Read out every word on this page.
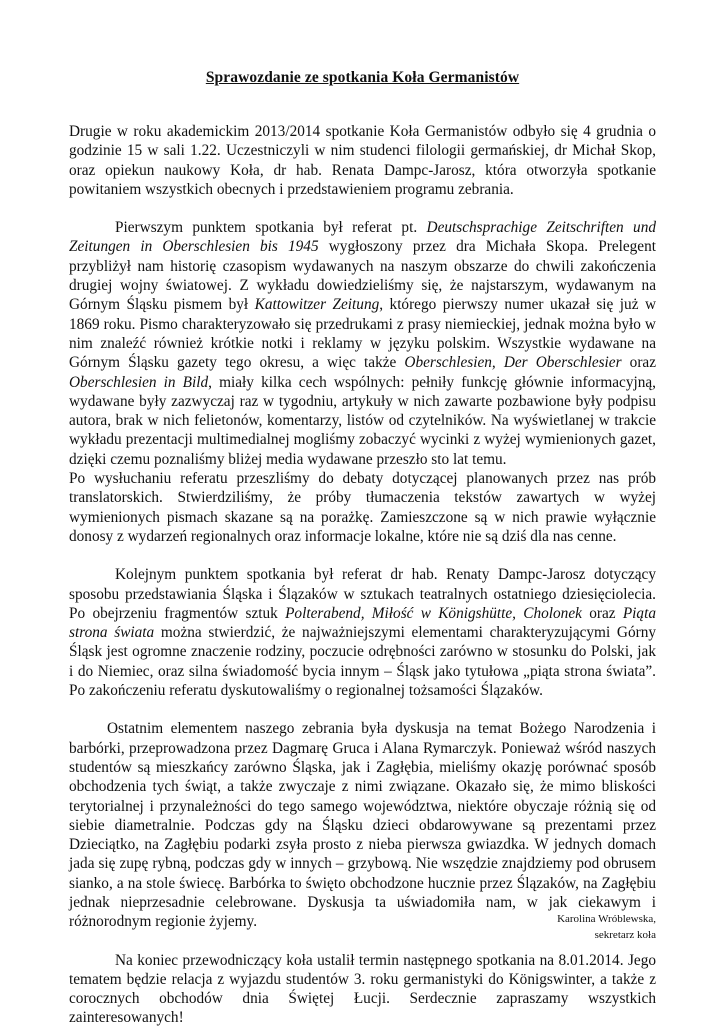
Sprawozdanie ze spotkania Koła Germanistów

Drugie w roku akademickim 2013/2014 spotkanie Koła Germanistów odbyło się 4 grudnia o godzinie 15 w sali 1.22. Uczestniczyli w nim studenci filologii germańskiej, dr Michał Skop, oraz opiekun naukowy Koła, dr hab. Renata Dampc-Jarosz, która otworzyła spotkanie powitaniem wszystkich obecnych i przedstawieniem programu zebrania.

Pierwszym punktem spotkania był referat pt. Deutschsprachige Zeitschriften und Zeitungen in Oberschlesien bis 1945 wygłoszony przez dra Michała Skopa. Prelegent przybliżył nam historię czasopism wydawanych na naszym obszarze do chwili zakończenia drugiej wojny światowej. Z wykładu dowiedzieliśmy się, że najstarszym, wydawanym na Górnym Śląsku pismem był Kattowitzer Zeitung, którego pierwszy numer ukazał się już w 1869 roku. Pismo charakteryzowało się przedrukami z prasy niemieckiej, jednak można było w nim znaleźć również krótkie notki i reklamy w języku polskim. Wszystkie wydawane na Górnym Śląsku gazety tego okresu, a więc także Oberschlesien, Der Oberschlesier oraz Oberschlesien in Bild, miały kilka cech wspólnych: pełniły funkcję głównie informacyjną, wydawane były zazwyczaj raz w tygodniu, artykuły w nich zawarte pozbawione były podpisu autora, brak w nich felietonów, komentarzy, listów od czytelników. Na wyświetlanej w trakcie wykładu prezentacji multimedialnej mogliśmy zobaczyć wycinki z wyżej wymienionych gazet, dzięki czemu poznaliśmy bliżej media wydawane przeszło sto lat temu.

Po wysłuchaniu referatu przeszliśmy do debaty dotyczącej planowanych przez nas prób translatorskich. Stwierdziliśmy, że próby tłumaczenia tekstów zawartych w wyżej wymienionych pismach skazane są na porażkę. Zamieszczone są w nich prawie wyłącznie donosy z wydarzeń regionalnych oraz informacje lokalne, które nie są dziś dla nas cenne.

Kolejnym punktem spotkania był referat dr hab. Renaty Dampc-Jarosz dotyczący sposobu przedstawiania Śląska i Ślązaków w sztukach teatralnych ostatniego dziesięciolecia. Po obejrzeniu fragmentów sztuk Polterabend, Miłość w Königshütte, Cholonek oraz Piąta strona świata można stwierdzić, że najważniejszymi elementami charakteryzującymi Górny Śląsk jest ogromne znaczenie rodziny, poczucie odrębności zarówno w stosunku do Polski, jak i do Niemiec, oraz silna świadomość bycia innym – Śląsk jako tytułowa „piąta strona świata”. Po zakończeniu referatu dyskutowaliśmy o regionalnej tożsamości Ślązaków.

Ostatnim elementem naszego zebrania była dyskusja na temat Bożego Narodzenia i barbórki, przeprowadzona przez Dagmarę Gruca i Alana Rymarczyk. Ponieważ wśród naszych studentów są mieszkańcy zarówno Śląska, jak i Zagłębia, mieliśmy okazję porównać sposób obchodzenia tych świąt, a także zwyczaje z nimi związane. Okazało się, że mimo bliskości terytorialnej i przynależności do tego samego województwa, niektóre obyczaje różnią się od siebie diametralnie. Podczas gdy na Śląsku dzieci obdarowywane są prezentami przez Dzieciątko, na Zagłębiu podarki zsyła prosto z nieba pierwsza gwiazdka. W jednych domach jada się zupę rybną, podczas gdy w innych – grzybową. Nie wszędzie znajdziemy pod obrusem sianko, a na stole świecę. Barbórka to święto obchodzone hucznie przez Ślązaków, na Zagłębiu jednak nieprzesadnie celebrowane. Dyskusja ta uświadomiła nam, w jak ciekawym i różnorodnym regionie żyjemy.

Na koniec przewodniczący koła ustalił termin następnego spotkania na 8.01.2014. Jego tematem będzie relacja z wyjazdu studentów 3. roku germanistyki do Königswinter, a także z corocznych obchodów dnia Świętej Łucji. Serdecznie zapraszamy wszystkich zainteresowanych!

Karolina Wróblewska,
sekretarz koła
